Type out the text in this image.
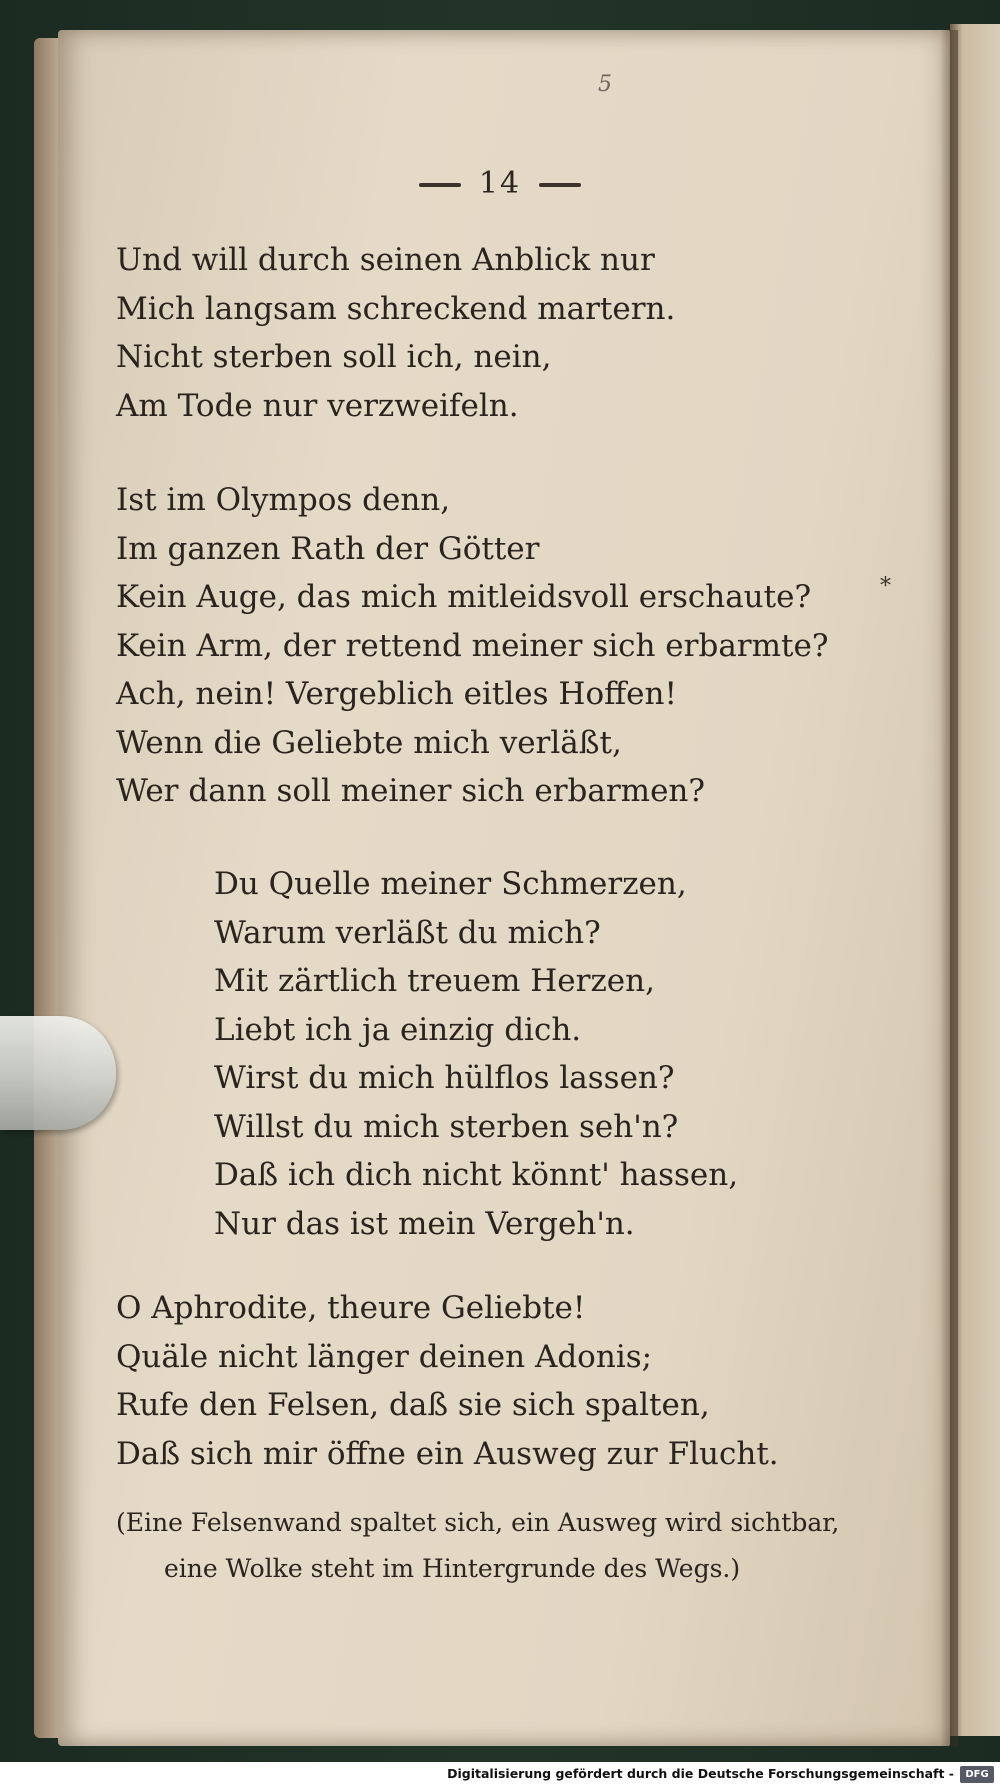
5
14
Und will durch seinen Anblick nur
Mich langsam schreckend martern.
Nicht sterben soll ich, nein,
Am Tode nur verzweifeln.
Ist im Olympos denn,
Im ganzen Rath der Götter
Kein Auge, das mich mitleidsvoll erschaute?
Kein Arm, der rettend meiner sich erbarmte?
Ach, nein! Vergeblich eitles Hoffen!
Wenn die Geliebte mich verläßt,
Wer dann soll meiner sich erbarmen?
*
Du Quelle meiner Schmerzen,
Warum verläßt du mich?
Mit zärtlich treuem Herzen,
Liebt ich ja einzig dich.
Wirst du mich hülflos lassen?
Willst du mich sterben seh'n?
Daß ich dich nicht könnt' hassen,
Nur das ist mein Vergeh'n.
O Aphrodite, theure Geliebte!
Quäle nicht länger deinen Adonis;
Rufe den Felsen, daß sie sich spalten,
Daß sich mir öffne ein Ausweg zur Flucht.
(Eine Felsenwand spaltet sich, ein Ausweg wird sichtbar,
eine Wolke steht im Hintergrunde des Wegs.)
Digitalisierung gefördert durch die Deutsche Forschungsgemeinschaft -	DFG
